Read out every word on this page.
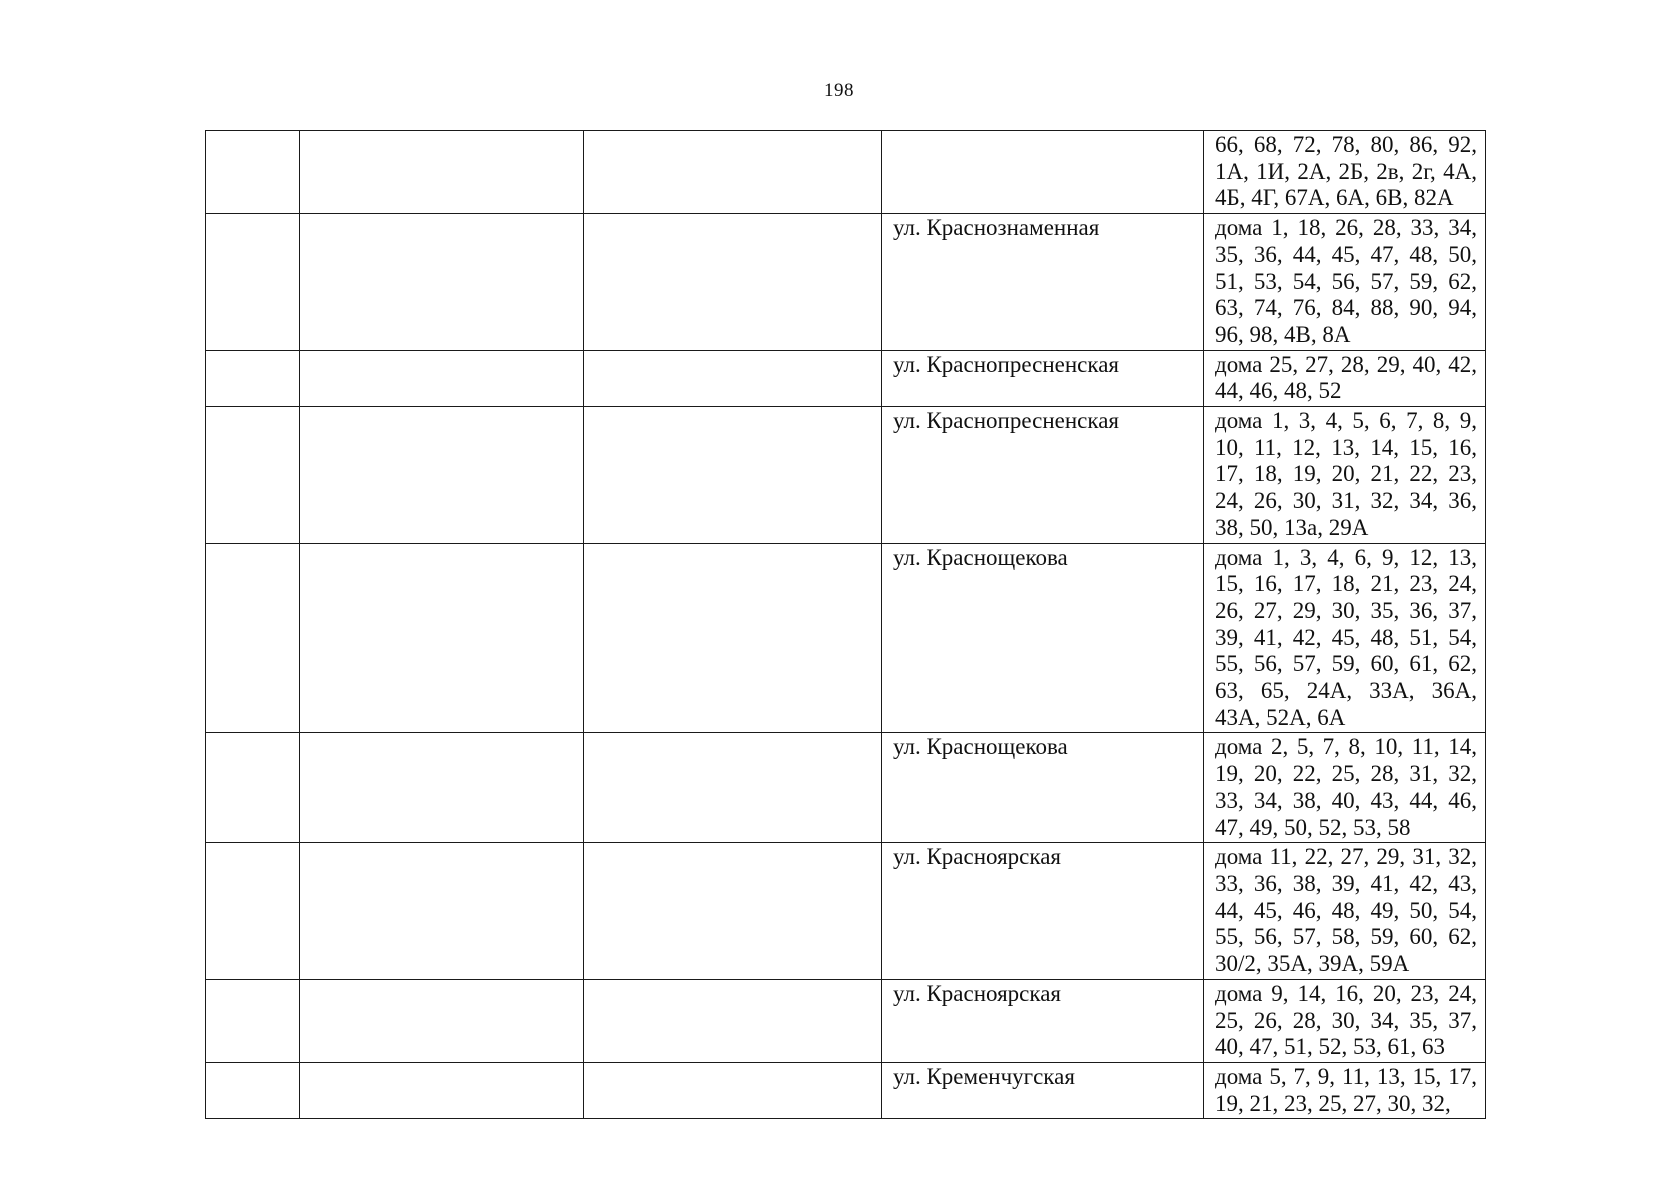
198
				66, 68, 72, 78, 80, 86, 92, 1А, 1И, 2А, 2Б, 2в, 2г, 4А, 4Б, 4Г, 67А, 6А, 6В, 82А
			ул. Краснознаменная	дома 1, 18, 26, 28, 33, 34, 35, 36, 44, 45, 47, 48, 50, 51, 53, 54, 56, 57, 59, 62, 63, 74, 76, 84, 88, 90, 94, 96, 98, 4В, 8А
			ул. Краснопресненская	дома 25, 27, 28, 29, 40, 42, 44, 46, 48, 52
			ул. Краснопресненская	дома 1, 3, 4, 5, 6, 7, 8, 9, 10, 11, 12, 13, 14, 15, 16, 17, 18, 19, 20, 21, 22, 23, 24, 26, 30, 31, 32, 34, 36, 38, 50, 13а, 29А
			ул. Краснощекова	дома 1, 3, 4, 6, 9, 12, 13, 15, 16, 17, 18, 21, 23, 24, 26, 27, 29, 30, 35, 36, 37, 39, 41, 42, 45, 48, 51, 54, 55, 56, 57, 59, 60, 61, 62, 63, 65, 24А, 33А, 36А, 43А, 52А, 6А
			ул. Краснощекова	дома 2, 5, 7, 8, 10, 11, 14, 19, 20, 22, 25, 28, 31, 32, 33, 34, 38, 40, 43, 44, 46, 47, 49, 50, 52, 53, 58
			ул. Красноярская	дома 11, 22, 27, 29, 31, 32, 33, 36, 38, 39, 41, 42, 43, 44, 45, 46, 48, 49, 50, 54, 55, 56, 57, 58, 59, 60, 62, 30/2, 35А, 39А, 59А
			ул. Красноярская	дома 9, 14, 16, 20, 23, 24, 25, 26, 28, 30, 34, 35, 37, 40, 47, 51, 52, 53, 61, 63
			ул. Кременчугская	дома 5, 7, 9, 11, 13, 15, 17, 19, 21, 23, 25, 27, 30, 32,
